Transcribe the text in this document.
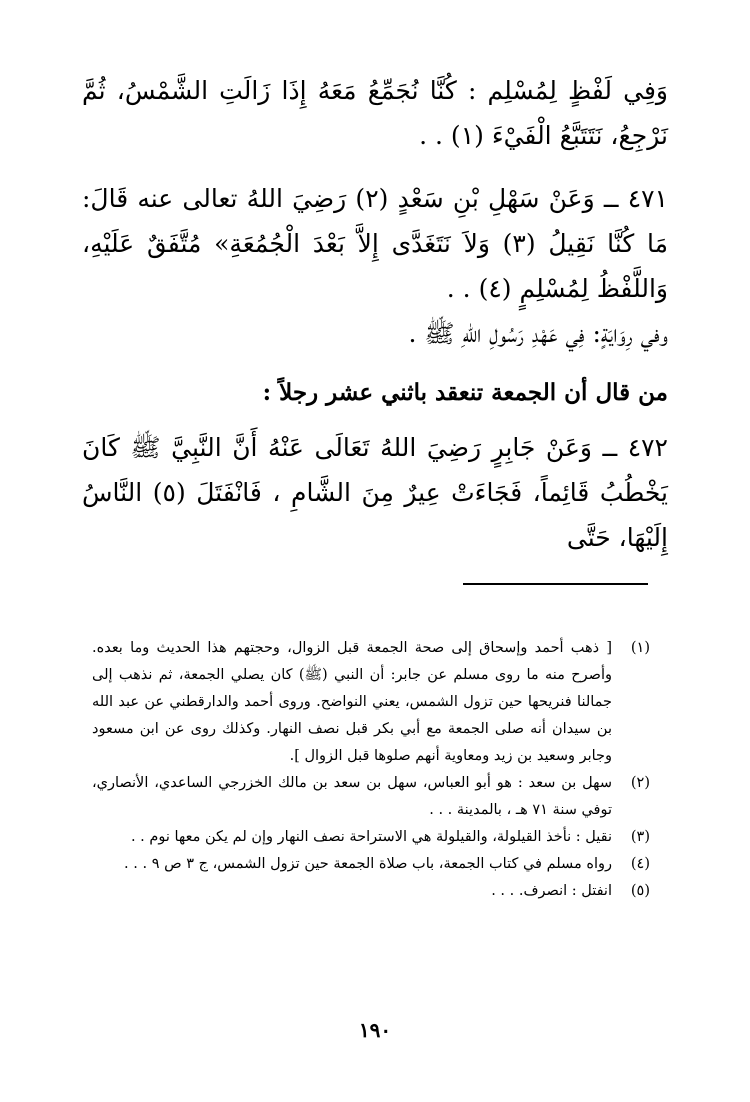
وَفِي لَفْظٍ لِمُسْلِم : كُنَّا نُجَمِّعُ مَعَهُ إِذَا زَالَتِ الشَّمْسُ، ثُمَّ نَرْجِعُ، نَتَتَبَّعُ الْفَيْءَ (١) . .

٤٧١ ــ وَعَنْ سَهْلِ بْنِ سَعْدٍ (٢) رَضِيَ اللهُ تعالى عنه قَالَ: مَا كُنَّا نَقِيلُ (٣) وَلاَ نَتَغَدَّى إِلاَّ بَعْدَ الْجُمُعَةِ» مُتَّفَقٌ عَلَيْهِ، وَاللَّفْظُ لِمُسْلِمٍ (٤) . .

وفي رِوَايَةٍ: فِي عَهْدِ رَسُولِ اللهِ ﷺ .

من قال أن الجمعة تنعقد باثني عشر رجلاً :

٤٧٢ ــ وَعَنْ جَابِرٍ رَضِيَ اللهُ تَعَالَى عَنْهُ أَنَّ النَّبِيَّ ﷺ كَانَ يَخْطُبُ قَائِماً، فَجَاءَتْ عِيرٌ مِنَ الشَّامِ ، فَانْفَتَلَ (٥) النَّاسُ إِلَيْهَا، حَتَّى

(١)
[ ذهب أحمد وإسحاق إلى صحة الجمعة قبل الزوال، وحجتهم هذا الحديث وما بعده. وأصرح منه ما روى مسلم عن جابر: أن النبي (ﷺ) كان يصلي الجمعة، ثم نذهب إلى جمالنا فنريحها حين تزول الشمس، يعني النواضح. وروى أحمد والدارقطني عن عبد الله بن سيدان أنه صلى الجمعة مع أبي بكر قبل نصف النهار. وكذلك روى عن ابن مسعود وجابر وسعيد بن زيد ومعاوية أنهم صلوها قبل الزوال ].
(٢)
سهل بن سعد : هو أبو العباس، سهل بن سعد بن مالك الخزرجي الساعدي، الأنصاري، توفي سنة ٧١ هـ ، بالمدينة . . .
(٣)
نقيل : نأخذ القيلولة، والقيلولة هي الاستراحة نصف النهار وإن لم يكن معها نوم . .
(٤)
رواه مسلم في كتاب الجمعة، باب صلاة الجمعة حين تزول الشمس، ج ٣ ص ٩ . . .
(٥)
انفتل : انصرف. . . .
١٩٠
